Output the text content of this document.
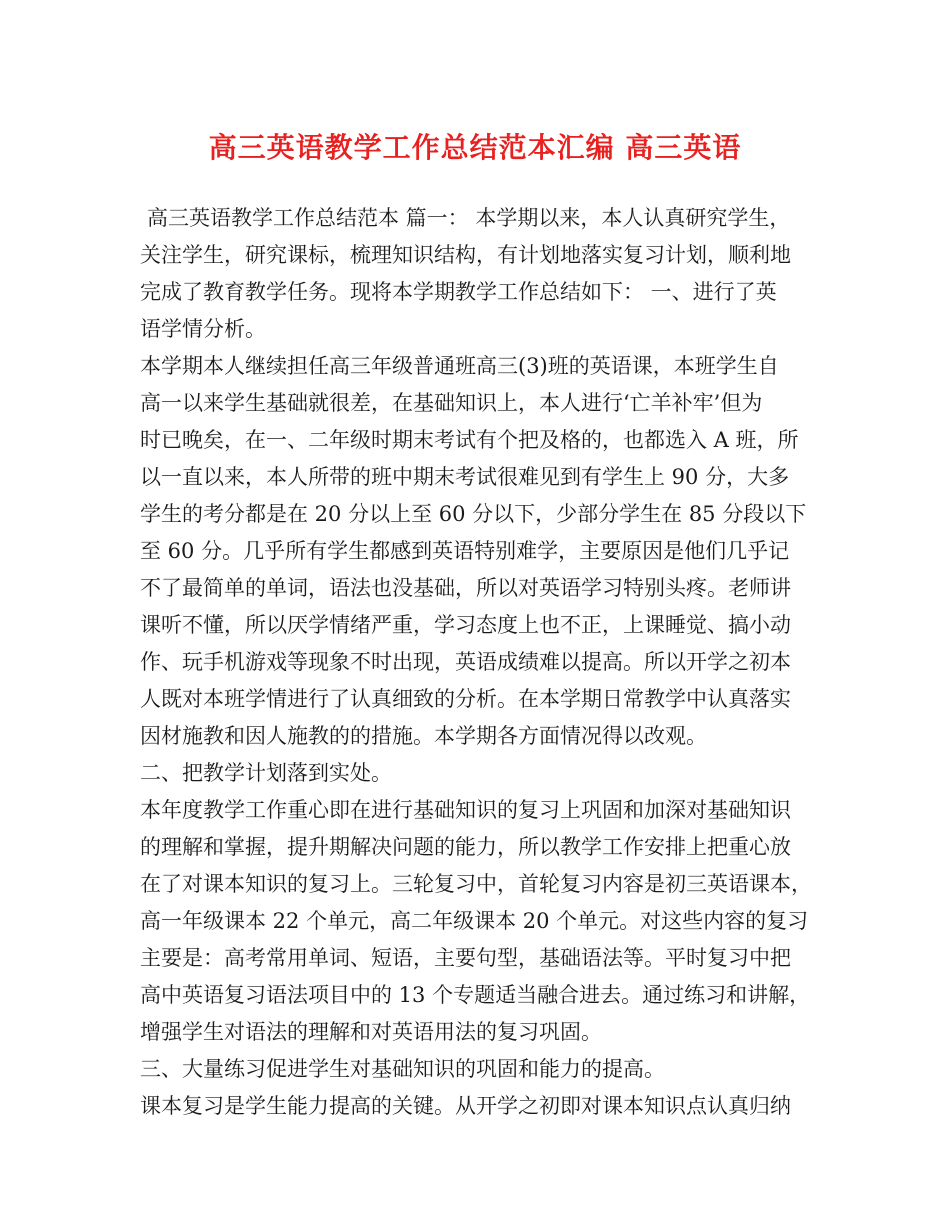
高三英语教学工作总结范本汇编 高三英语
高三英语教学工作总结范本 篇一： 本学期以来，本人认真研究学生，
关注学生，研究课标，梳理知识结构，有计划地落实复习计划，顺利地
完成了教育教学任务。现将本学期教学工作总结如下： 一、进行了英
语学情分析。
本学期本人继续担任高三年级普通班高三(3)班的英语课，本班学生自
高一以来学生基础就很差，在基础知识上，本人进行‘亡羊补牢’但为
时已晚矣，在一、二年级时期末考试有个把及格的，也都选入 A 班，所
以一直以来，本人所带的班中期末考试很难见到有学生上 90 分，大多
学生的考分都是在 20 分以上至 60 分以下，少部分学生在 85 分段以下
至 60 分。几乎所有学生都感到英语特别难学，主要原因是他们几乎记
不了最简单的单词，语法也没基础，所以对英语学习特别头疼。老师讲
课听不懂，所以厌学情绪严重，学习态度上也不正，上课睡觉、搞小动
作、玩手机游戏等现象不时出现，英语成绩难以提高。所以开学之初本
人既对本班学情进行了认真细致的分析。在本学期日常教学中认真落实
因材施教和因人施教的的措施。本学期各方面情况得以改观。
二、把教学计划落到实处。
本年度教学工作重心即在进行基础知识的复习上巩固和加深对基础知识
的理解和掌握，提升期解决问题的能力，所以教学工作安排上把重心放
在了对课本知识的复习上。三轮复习中，首轮复习内容是初三英语课本，
高一年级课本 22 个单元，高二年级课本 20 个单元。对这些内容的复习
主要是：高考常用单词、短语，主要句型，基础语法等。平时复习中把
高中英语复习语法项目中的 13 个专题适当融合进去。通过练习和讲解，
增强学生对语法的理解和对英语用法的复习巩固。
三、大量练习促进学生对基础知识的巩固和能力的提高。
课本复习是学生能力提高的关键。从开学之初即对课本知识点认真归纳
